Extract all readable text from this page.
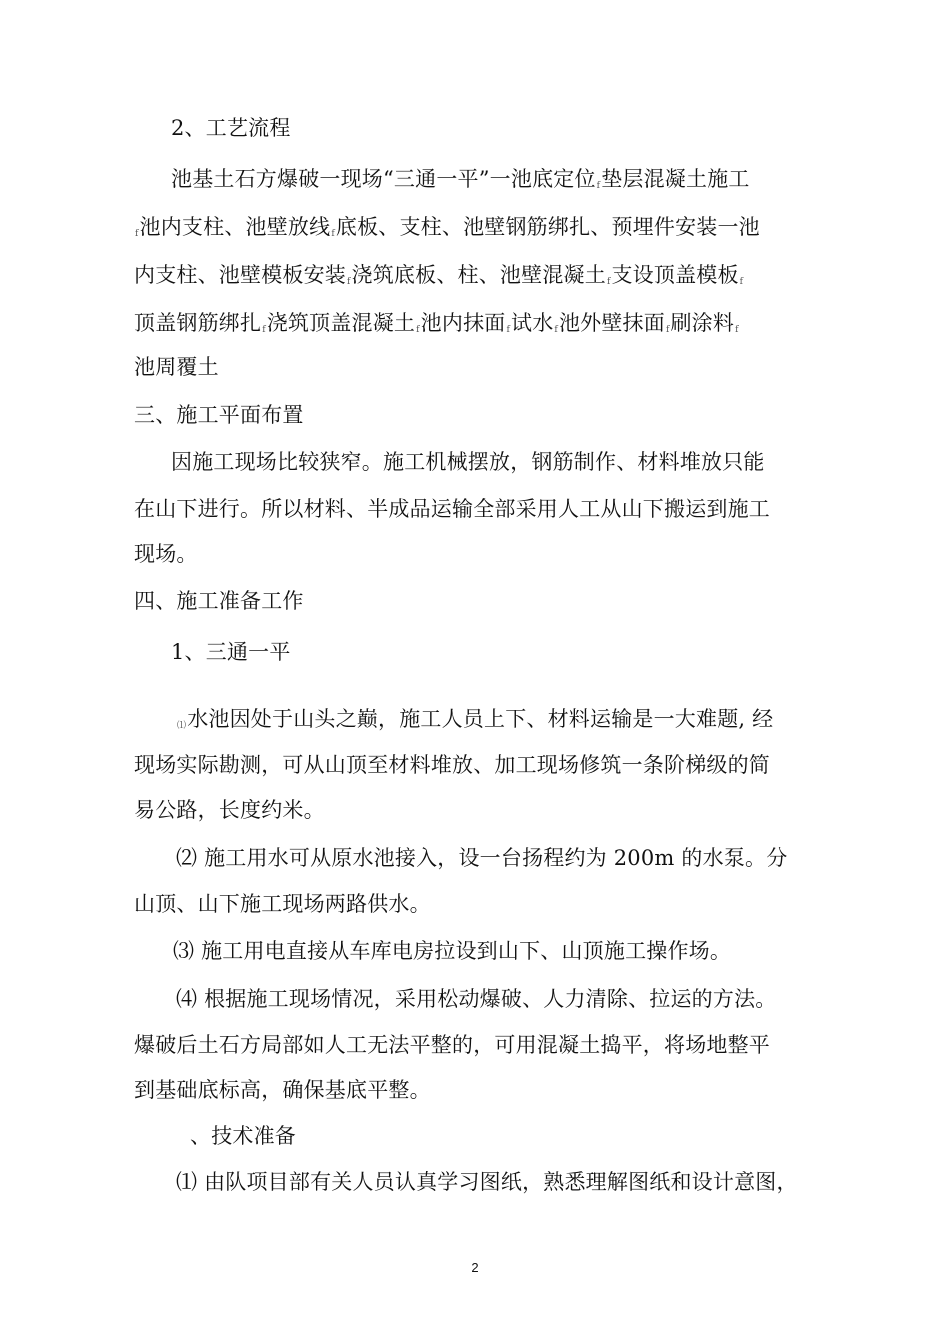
2、工艺流程
池基土石方爆破一现场“三通一平”一池底定位f垫层混凝土施工
f池内支柱、池壁放线f底板、支柱、池壁钢筋绑扎、预埋件安装一池
内支柱、池壁模板安装f浇筑底板、柱、池壁混凝土f支设顶盖模板f
顶盖钢筋绑扎f浇筑顶盖混凝土f池内抹面f试水f池外壁抹面f刷涂料f
池周覆土
三、施工平面布置
因施工现场比较狭窄。施工机械摆放，钢筋制作、材料堆放只能
在山下进行。所以材料、半成品运输全部采用人工从山下搬运到施工
现场。
四、施工准备工作
1、三通一平
⑴水池因处于山头之巅，施工人员上下、材料运输是一大难题, 经
现场实际勘测，可从山顶至材料堆放、加工现场修筑一条阶梯级的简
易公路，长度约米。
⑵ 施工用水可从原水池接入，设一台扬程约为 200m 的水泵。分
山顶、山下施工现场两路供水。
⑶ 施工用电直接从车库电房拉设到山下、山顶施工操作场。
⑷ 根据施工现场情况，采用松动爆破、人力清除、拉运的方法。
爆破后土石方局部如人工无法平整的，可用混凝土捣平，将场地整平
到基础底标高，确保基底平整。
、技术准备
⑴ 由队项目部有关人员认真学习图纸，熟悉理解图纸和设计意图，
2
